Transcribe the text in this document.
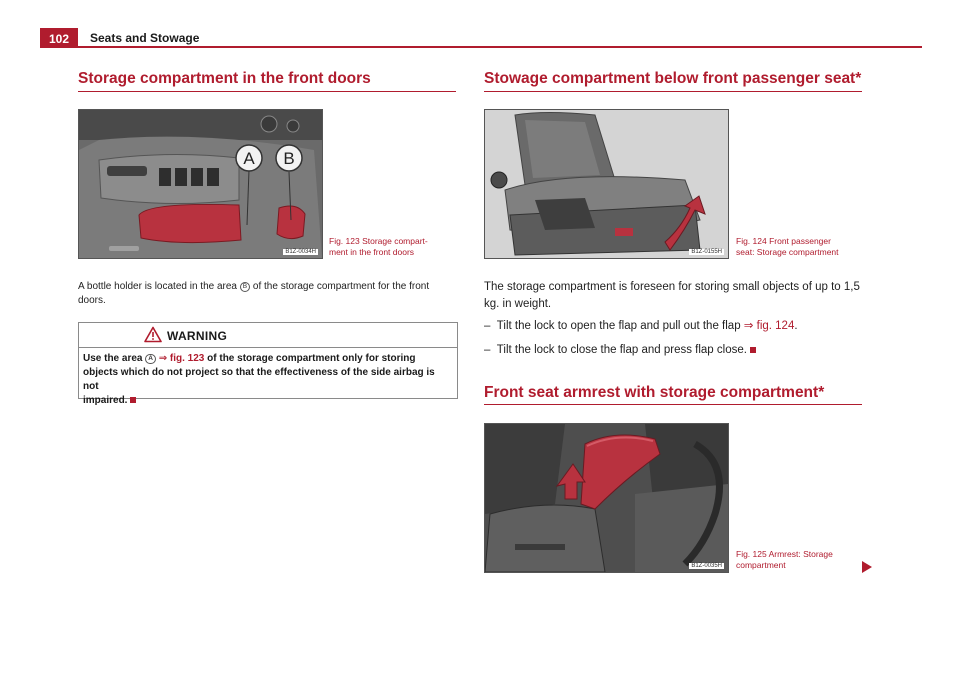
102	Seats and Stowage
Storage compartment in the front doors
A B
B1Z-0034H
Fig. 123 Storage compart-
ment in the front doors
A bottle holder is located in the area B of the storage compartment for the front
doors.
WARNING
Use the area A ⇒ fig. 123 of the storage compartment only for storing
objects which do not project so that the effectiveness of the side airbag is not
impaired.
Stowage compartment below front passenger seat*
B1Z-0155H
Fig. 124 Front passenger
seat: Storage compartment
The storage compartment is foreseen for storing small objects of up to 1,5
kg. in weight.
– Tilt the lock to open the flap and pull out the flap ⇒ fig. 124.
– Tilt the lock to close the flap and press flap close.
Front seat armrest with storage compartment*
B1Z-0035H
Fig. 125 Armrest: Storage
compartment
